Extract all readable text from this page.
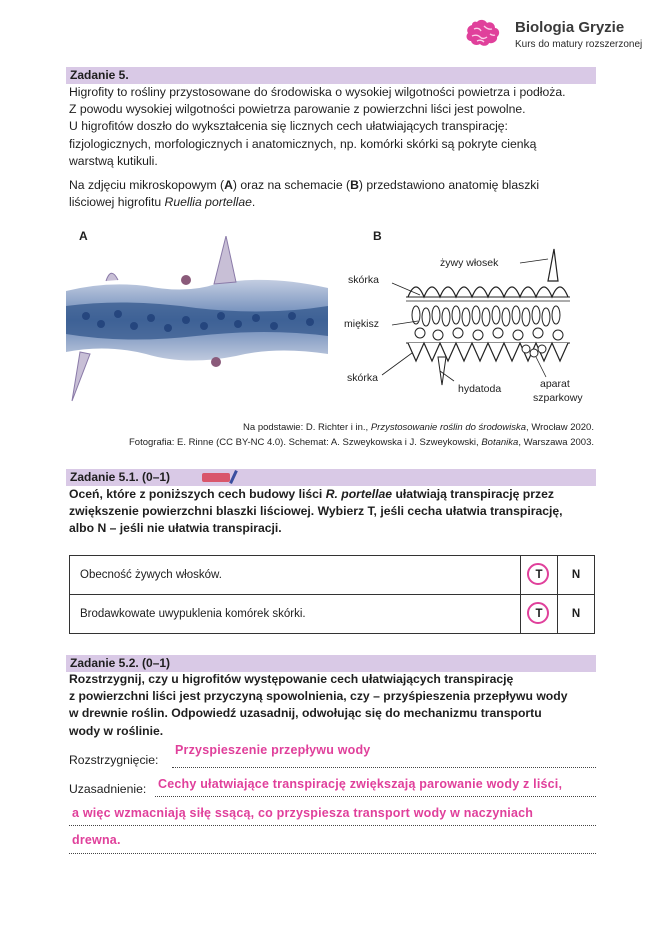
Biologia Gryzie
Kurs do matury rozszerzonej
Zadanie 5.
Higrofity to rośliny przystosowane do środowiska o wysokiej wilgotności powietrza i podłoża.
Z powodu wysokiej wilgotności powietrza parowanie z powierzchni liści jest powolne.
U higrofitów doszło do wykształcenia się licznych cech ułatwiających transpirację:
fizjologicznych, morfologicznych i anatomicznych, np. komórki skórki są pokryte cienką
warstwą kutikuli.
Na zdjęciu mikroskopowym (A) oraz na schemacie (B) przedstawiono anatomię blaszki
liściowej higrofitu Ruellia portellae.
A	B
skórka
miękisz
skórka
żywy włosek
hydatoda	aparat
szparkowy
Na podstawie: D. Richter i in., Przystosowanie roślin do środowiska, Wrocław 2020.
Fotografia: E. Rinne (CC BY-NC 4.0). Schemat: A. Szweykowska i J. Szweykowski, Botanika, Warszawa 2003.
Zadanie 5.1. (0–1)
Oceń, które z poniższych cech budowy liści R. portellae ułatwiają transpirację przez
zwiększenie powierzchni blaszki liściowej. Wybierz T, jeśli cecha ułatwia transpirację,
albo N – jeśli nie ułatwia transpiracji.
Obecność żywych włosków.	T	N
Brodawkowate uwypuklenia komórek skórki.	T	N
Zadanie 5.2. (0–1)
Rozstrzygnij, czy u higrofitów występowanie cech ułatwiających transpirację
z powierzchni liści jest przyczyną spowolnienia, czy – przyśpieszenia przepływu wody
w drewnie roślin. Odpowiedź uzasadnij, odwołując się do mechanizmu transportu
wody w roślinie.
Rozstrzygnięcie:
Przyspieszenie przepływu wody
Uzasadnienie: Cechy ułatwiające transpirację zwiększają parowanie wody z liści,
a więc wzmacniają siłę ssącą, co przyspiesza transport wody w naczyniach
drewna.
